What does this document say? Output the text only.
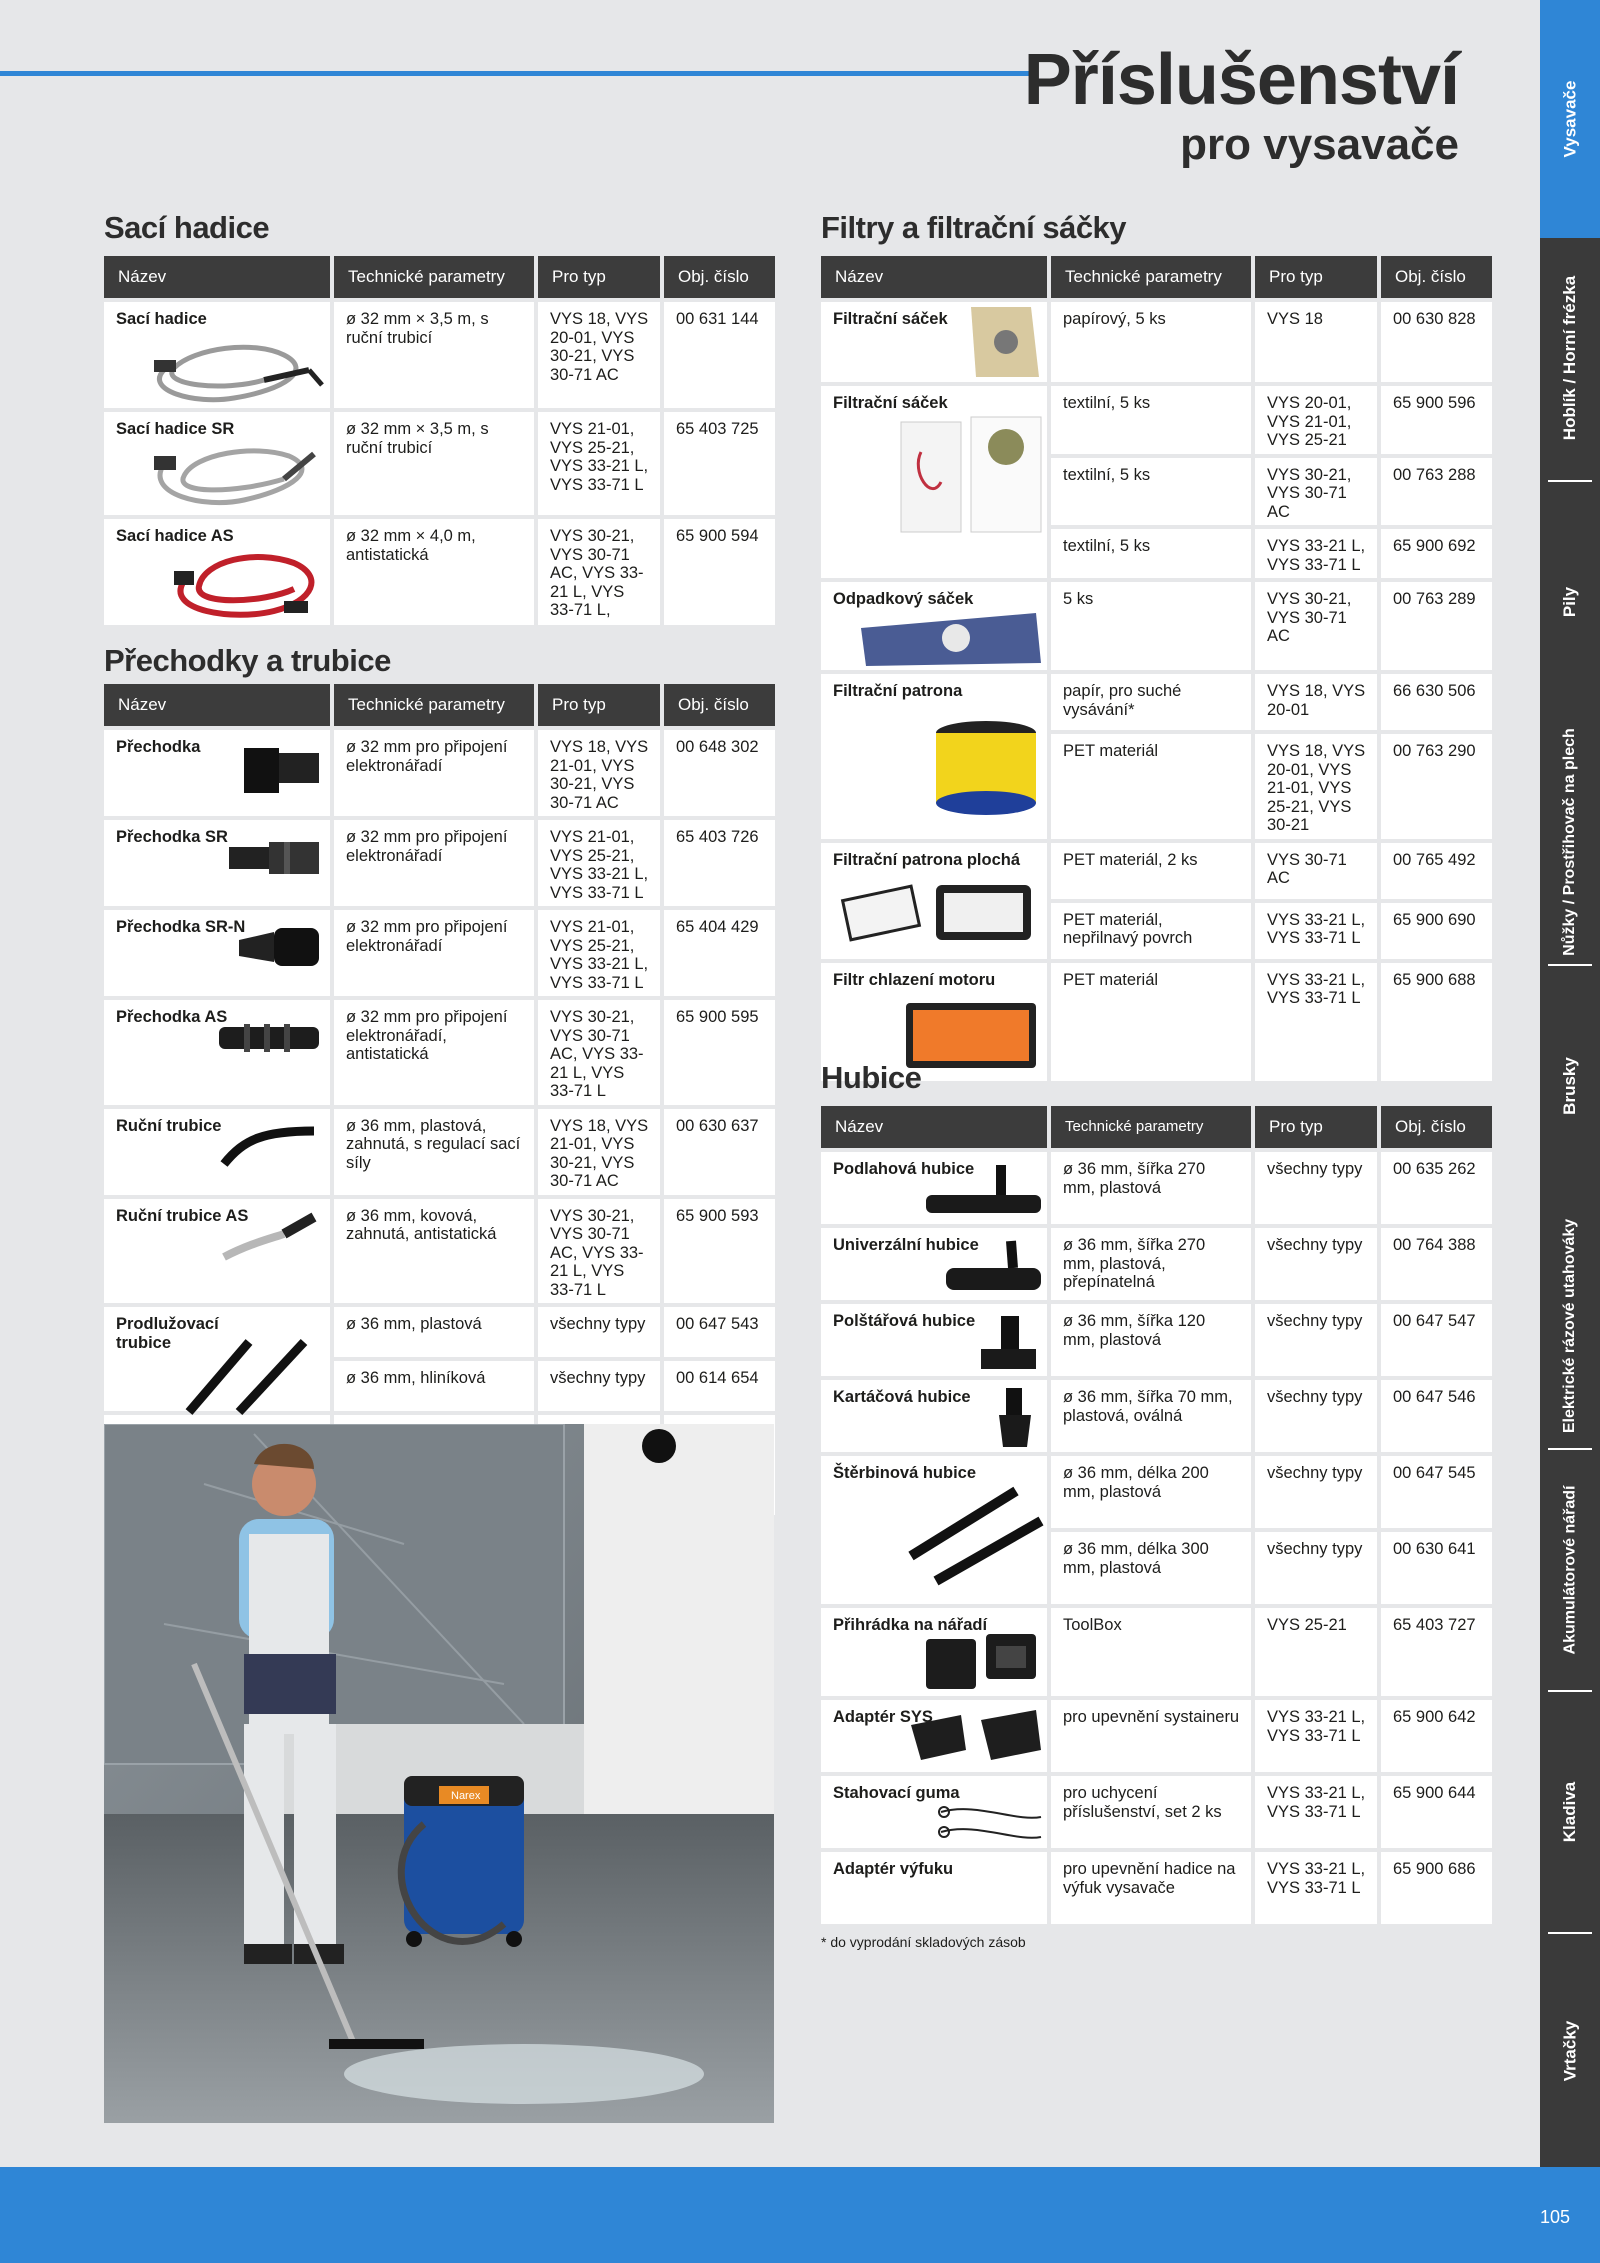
Příslušenství
pro vysavače
Sací hadice
Název	Technické parametry	Pro typ	Obj. číslo
Sací hadice	ø 32 mm × 3,5 m, s ruční trubicí	VYS 18, VYS 20-01, VYS 30-21, VYS 30-71 AC	00 631 144
Sací hadice SR	ø 32 mm × 3,5 m, s ruční trubicí	VYS 21-01, VYS 25-21, VYS 33-21 L, VYS 33-71 L	65 403 725
Sací hadice AS	ø 32 mm × 4,0 m, antistatická	VYS 30-21, VYS 30-71 AC, VYS 33-21 L, VYS 33-71 L,	65 900 594
Přechodky a trubice
Název	Technické parametry	Pro typ	Obj. číslo
Přechodka	ø 32 mm pro připojení elektronářadí	VYS 18, VYS 21-01, VYS 30-21, VYS 30-71 AC	00 648 302
Přechodka SR	ø 32 mm pro připojení elektronářadí	VYS 21-01, VYS 25-21, VYS 33-21 L, VYS 33-71 L	65 403 726
Přechodka SR-N	ø 32 mm pro připojení elektronářadí	VYS 21-01, VYS 25-21, VYS 33-21 L, VYS 33-71 L	65 404 429
Přechodka AS	ø 32 mm pro připojení elektronářadí, antistatická	VYS 30-21, VYS 30-71 AC, VYS 33-21 L, VYS 33-71 L	65 900 595
Ruční trubice	ø 36 mm, plastová, zahnutá, s regulací sací síly	VYS 18, VYS 21-01, VYS 30-21, VYS 30-71 AC	00 630 637
Ruční trubice AS	ø 36 mm, kovová, zahnutá, antistatická	VYS 30-21, VYS 30-71 AC, VYS 33-21 L, VYS 33-71 L	65 900 593

Prodlužovací trubice	ø 36 mm, plastová	všechny typy	00 647 543
	ø 36 mm, hliníková	všechny typy	00 614 654

Narex
Filtry a filtrační sáčky
Název	Technické parametry	Pro typ	Obj. číslo
Filtrační sáček	papírový, 5 ks	VYS 18	00 630 828
Filtrační sáček	textilní, 5 ks	VYS 20-01, VYS 21-01, VYS 25-21	65 900 596
	textilní, 5 ks	VYS 30-21, VYS 30-71 AC	00 763 288
	textilní, 5 ks	VYS 33-21 L, VYS 33-71 L	65 900 692
Odpadkový sáček	5 ks	VYS 30-21, VYS 30-71 AC	00 763 289
Filtrační patrona	papír, pro suché vysávání*	VYS 18, VYS 20-01	66 630 506
	PET materiál	VYS 18, VYS 20-01, VYS 21-01, VYS 25-21, VYS 30-21	00 763 290
Filtrační patrona plochá	PET materiál, 2 ks	VYS 30-71 AC	00 765 492
	PET materiál, nepřilnavý povrch	VYS 33-21 L, VYS 33-71 L	65 900 690
Filtr chlazení motoru	PET materiál	VYS 33-21 L, VYS 33-71 L	65 900 688
Hubice
Název	Technické parametry	Pro typ	Obj. číslo
Podlahová hubice	ø 36 mm, šířka 270 mm, plastová	všechny typy	00 635 262
Univerzální hubice	ø 36 mm, šířka 270 mm, plastová, přepínatelná	všechny typy	00 764 388
Polštářová hubice	ø 36 mm, šířka 120 mm, plastová	všechny typy	00 647 547
Kartáčová hubice	ø 36 mm, šířka 70 mm, plastová, oválná	všechny typy	00 647 546
Štěrbinová hubice	ø 36 mm, délka 200 mm, plastová	všechny typy	00 647 545
	ø 36 mm, délka 300 mm, plastová	všechny typy	00 630 641
Přihrádka na nářadí	ToolBox	VYS 25-21	65 403 727
Adaptér SYS	pro upevnění systaineru	VYS 33-21 L, VYS 33-71 L	65 900 642
Stahovací guma	pro uchycení příslušenství, set 2 ks	VYS 33-21 L, VYS 33-71 L	65 900 644
Adaptér výfuku	pro upevnění hadice na výfuk vysavače	VYS 33-21 L, VYS 33-71 L	65 900 686
* do vyprodání skladových zásob
Vysavače
Hoblík / Horní frézka
Pily
Nůžky / Prostřihovač na plech
Brusky
Elektrické rázové utahováky
Akumulátorové nářadí
Kladiva
Vrtačky
105
